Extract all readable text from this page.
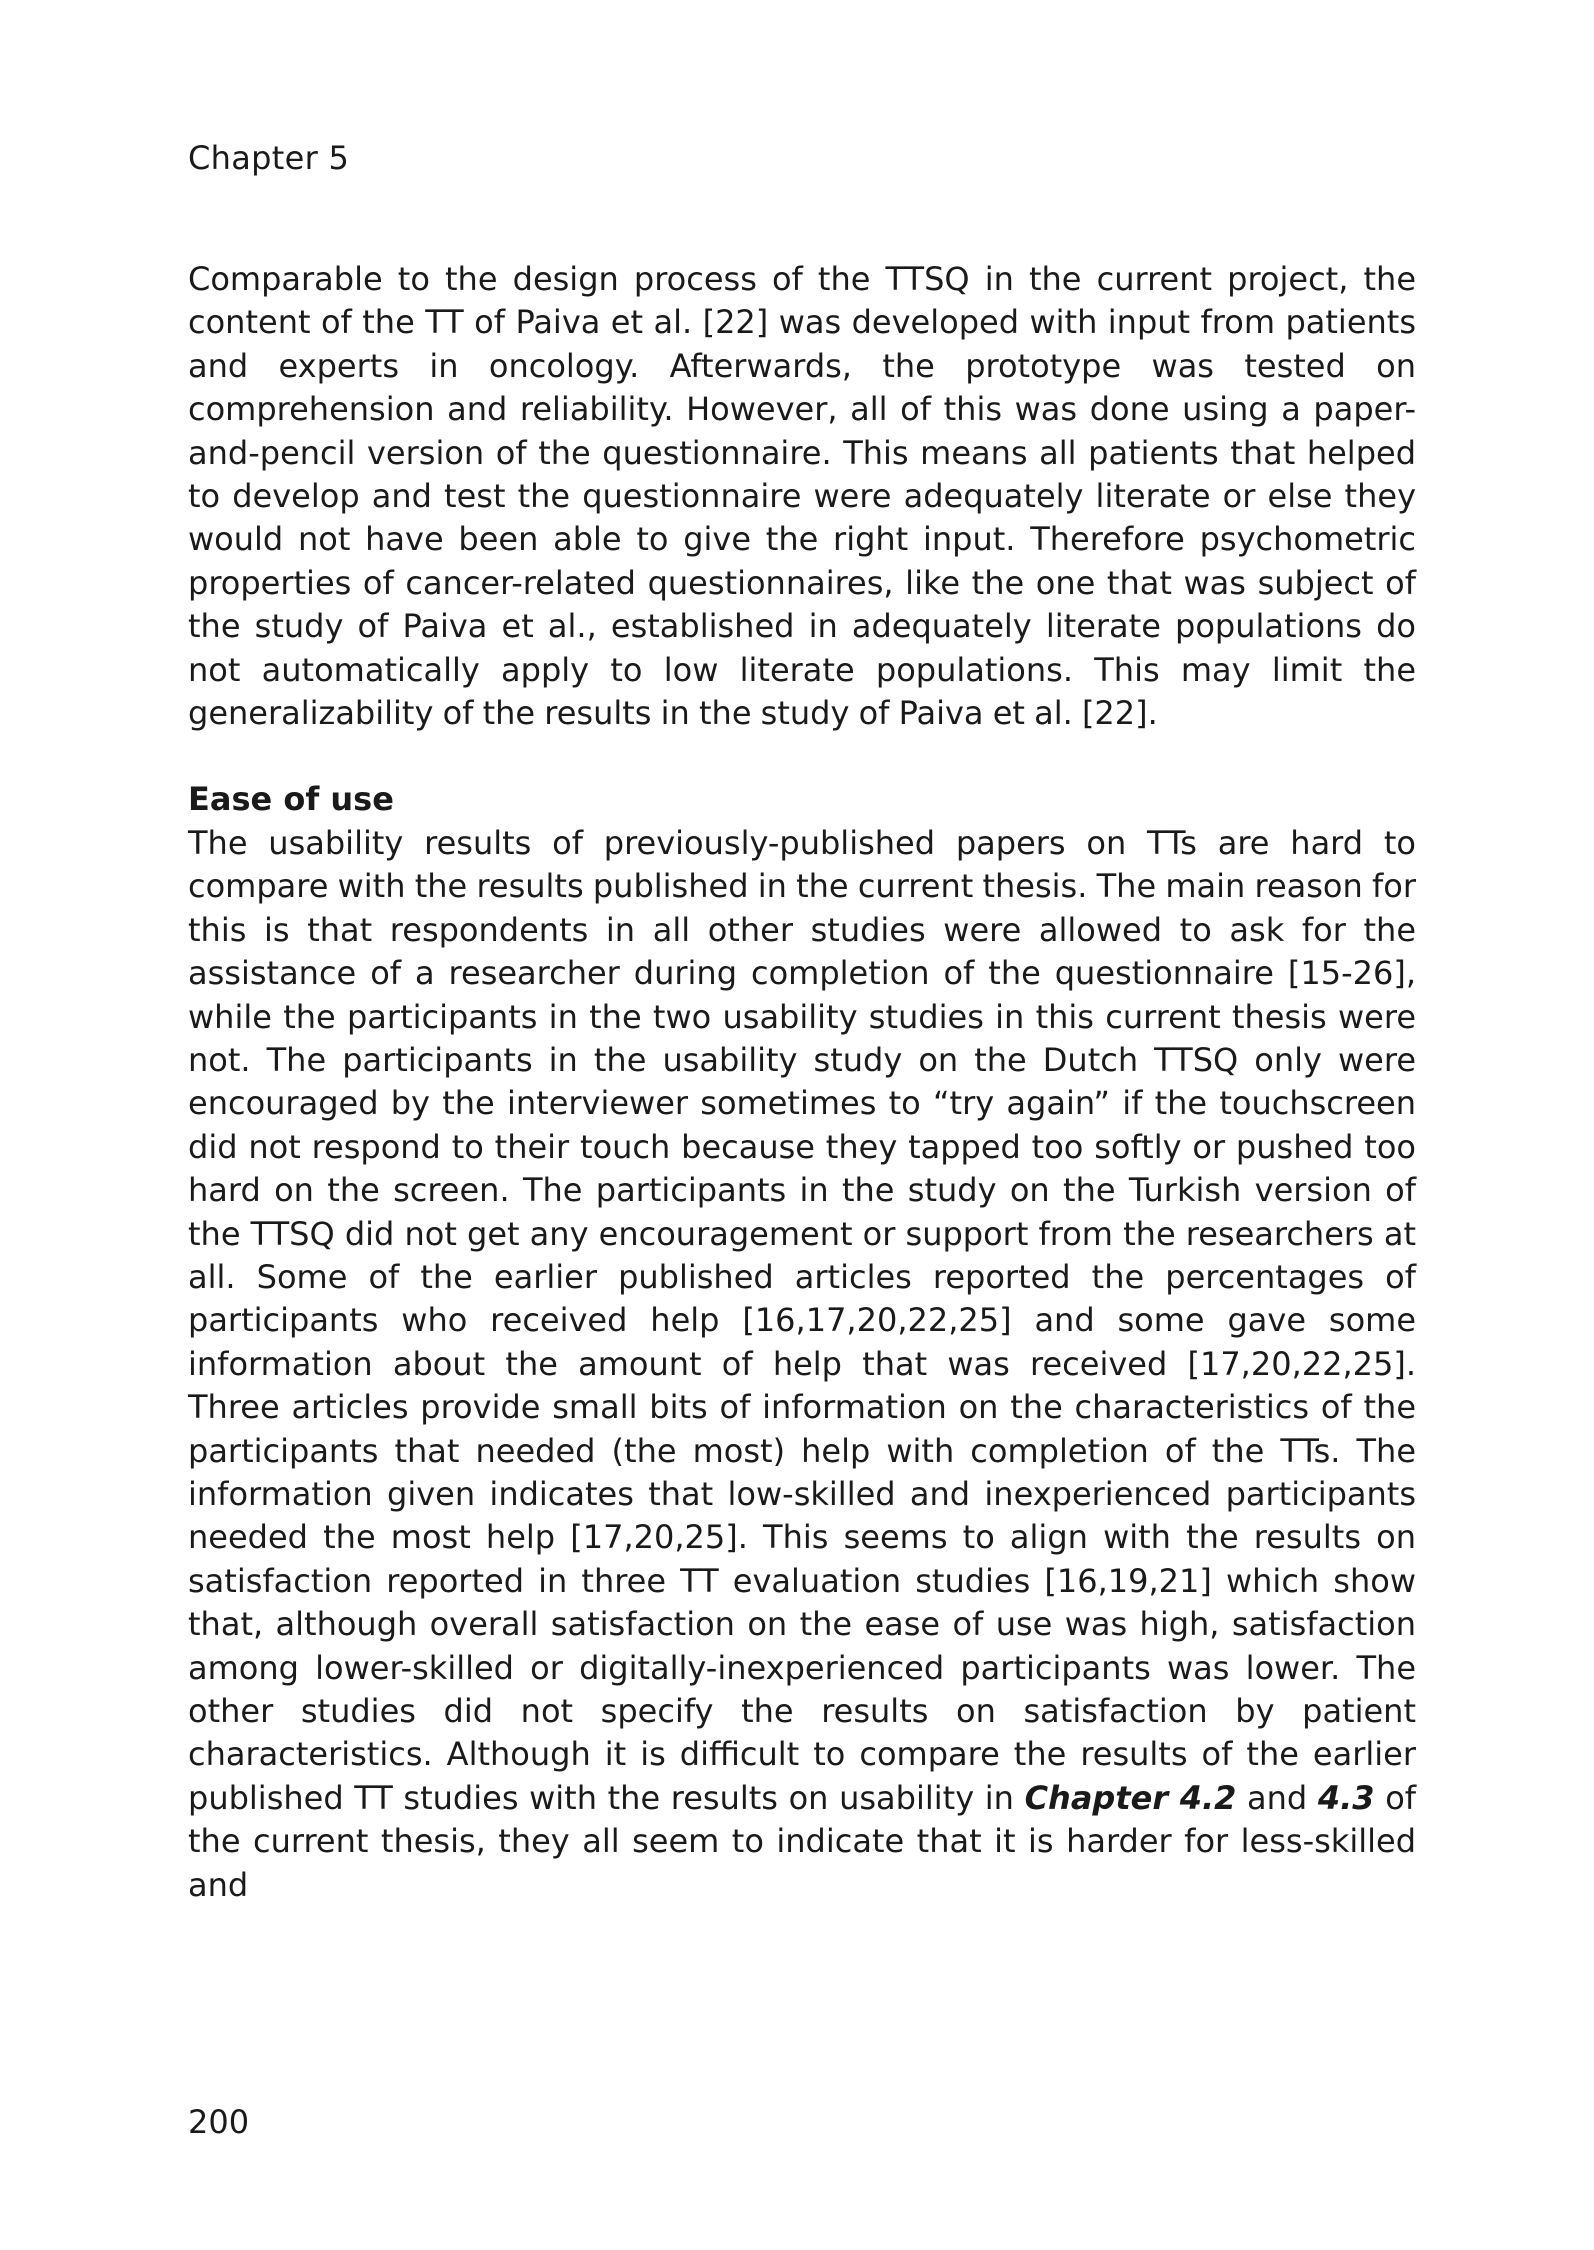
Chapter 5

Comparable to the design process of the TTSQ in the current project, the content of the TT of Paiva et al. [22] was developed with input from patients and experts in oncology. Afterwards, the prototype was tested on comprehension and reliability. However, all of this was done using a paper-and-pencil version of the questionnaire. This means all patients that helped to develop and test the questionnaire were adequately literate or else they would not have been able to give the right input. Therefore psychometric properties of cancer-related questionnaires, like the one that was subject of the study of Paiva et al., established in adequately literate populations do not automatically apply to low literate populations. This may limit the generalizability of the results in the study of Paiva et al. [22].

Ease of use

The usability results of previously-published papers on TTs are hard to compare with the results published in the current thesis. The main reason for this is that respondents in all other studies were allowed to ask for the assistance of a researcher during completion of the questionnaire [15-26], while the participants in the two usability studies in this current thesis were not. The participants in the usability study on the Dutch TTSQ only were encouraged by the interviewer sometimes to “try again” if the touchscreen did not respond to their touch because they tapped too softly or pushed too hard on the screen. The participants in the study on the Turkish version of the TTSQ did not get any encouragement or support from the researchers at all. Some of the earlier published articles reported the percentages of participants who received help [16,17,20,22,25] and some gave some information about the amount of help that was received [17,20,22,25]. Three articles provide small bits of information on the characteristics of the participants that needed (the most) help with completion of the TTs. The information given indicates that low-skilled and inexperienced participants needed the most help [17,20,25]. This seems to align with the results on satisfaction reported in three TT evaluation studies [16,19,21] which show that, although overall satisfaction on the ease of use was high, satisfaction among lower-skilled or digitally-inexperienced participants was lower. The other studies did not specify the results on satisfaction by patient characteristics. Although it is difficult to compare the results of the earlier published TT studies with the results on usability in Chapter 4.2 and 4.3 of the current thesis, they all seem to indicate that it is harder for less-skilled and

200
